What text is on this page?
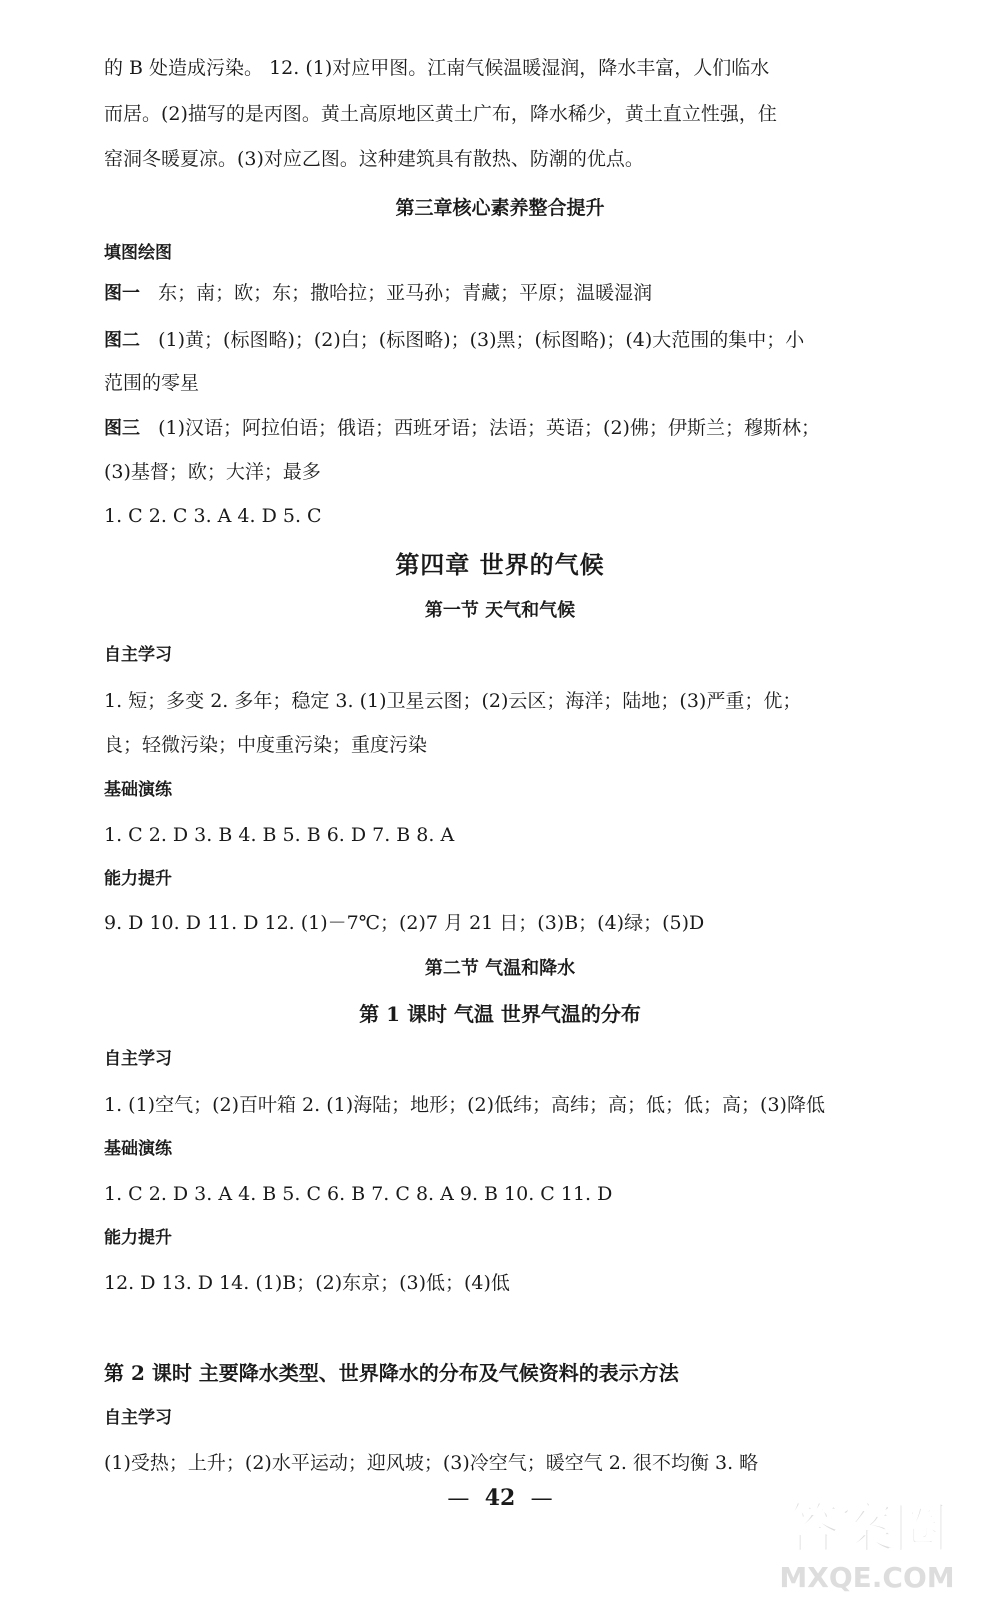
的 B 处造成污染。 12. (1)对应甲图。江南气候温暖湿润，降水丰富，人们临水
而居。(2)描写的是丙图。黄土高原地区黄土广布，降水稀少，黄土直立性强，住
窑洞冬暖夏凉。(3)对应乙图。这种建筑具有散热、防潮的优点。
第三章核心素养整合提升
填图绘图
图一 东；南；欧；东；撒哈拉；亚马孙；青藏；平原；温暖湿润
图二 (1)黄；(标图略)；(2)白；(标图略)；(3)黑；(标图略)；(4)大范围的集中；小
范围的零星
图三 (1)汉语；阿拉伯语；俄语；西班牙语；法语；英语；(2)佛；伊斯兰；穆斯林；
(3)基督；欧；大洋；最多
1. C 2. C 3. A 4. D 5. C
第四章 世界的气候
第一节 天气和气候
自主学习
1. 短；多变 2. 多年；稳定 3. (1)卫星云图；(2)云区；海洋；陆地；(3)严重；优；
良；轻微污染；中度重污染；重度污染
基础演练
1. C 2. D 3. B 4. B 5. B 6. D 7. B 8. A
能力提升
9. D 10. D 11. D 12. (1)－7℃；(2)7 月 21 日；(3)B；(4)绿；(5)D
第二节 气温和降水
第 1 课时 气温 世界气温的分布
自主学习
1. (1)空气；(2)百叶箱 2. (1)海陆；地形；(2)低纬；高纬；高；低；低；高；(3)降低
基础演练
1. C 2. D 3. A 4. B 5. C 6. B 7. C 8. A 9. B 10. C 11. D
能力提升
12. D 13. D 14. (1)B；(2)东京；(3)低；(4)低
第 2 课时 主要降水类型、世界降水的分布及气候资料的表示方法
自主学习
(1)受热；上升；(2)水平运动；迎风坡；(3)冷空气；暖空气 2. 很不均衡 3. 略
— 42 —	答案圈
MXQE.COM
